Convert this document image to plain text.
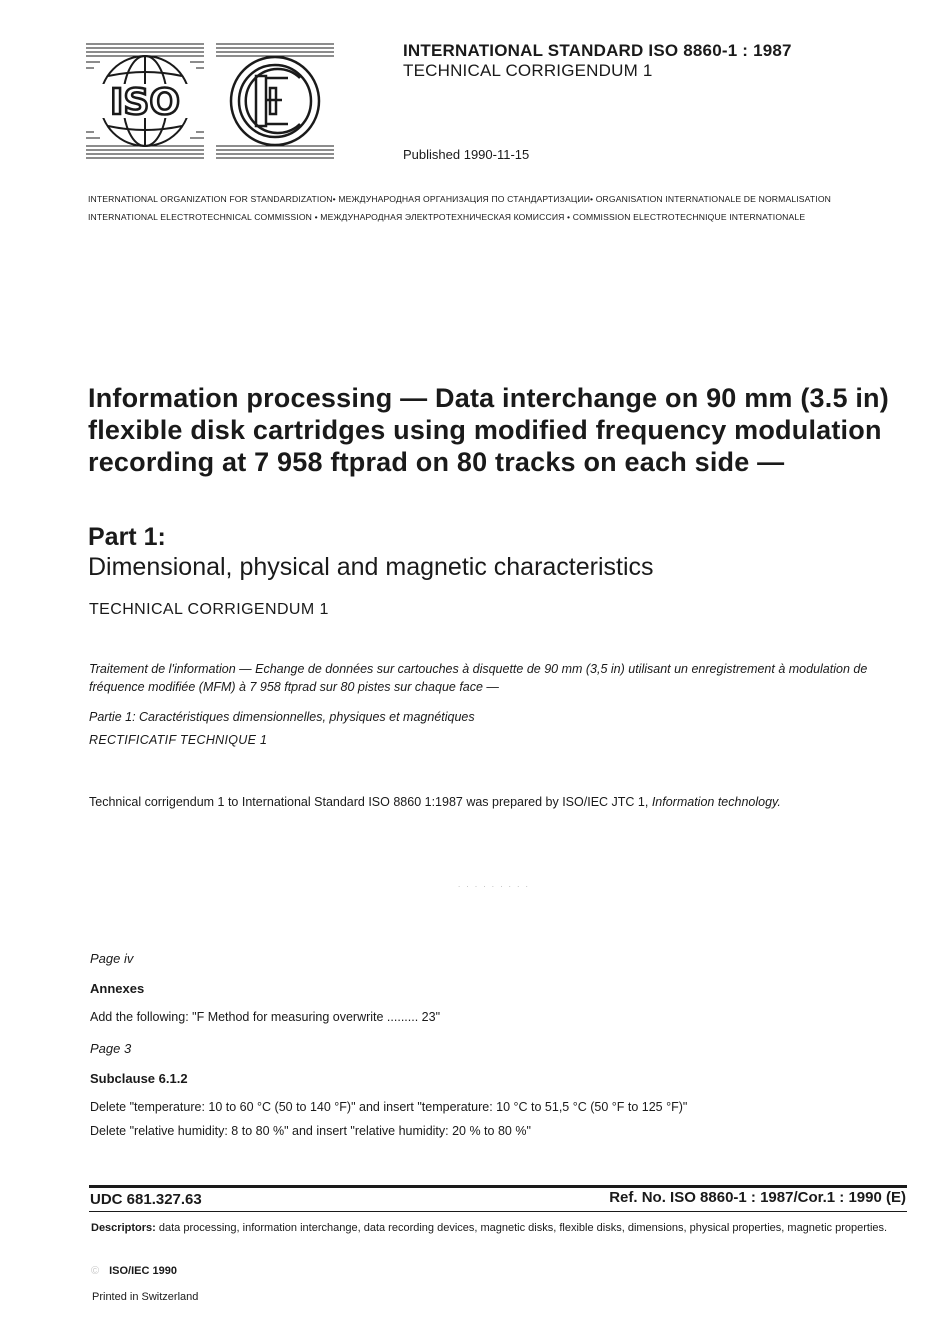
ISO
INTERNATIONAL STANDARD ISO 8860-1 : 1987
TECHNICAL CORRIGENDUM 1
Published 1990-11-15
INTERNATIONAL ORGANIZATION FOR STANDARDIZATION• МЕЖДУНАРОДНАЯ ОРГАНИЗАЦИЯ ПО СТАНДАРТИЗАЦИИ• ORGANISATION INTERNATIONALE DE NORMALISATION
INTERNATIONAL ELECTROTECHNICAL COMMISSION • МЕЖДУНАРОДНАЯ ЭЛЕКТРОТЕХНИЧЕСКАЯ КОМИССИЯ • COMMISSION ELECTROTECHNIQUE INTERNATIONALE
Information processing — Data interchange on 90 mm (3.5 in) flexible disk cartridges using modified frequency modulation recording at 7 958 ftprad on 80 tracks on each side —
Part 1:
Dimensional, physical and magnetic characteristics
TECHNICAL CORRIGENDUM 1
Traitement de l'information — Echange de données sur cartouches à disquette de 90 mm (3,5 in) utilisant un enregistrement à modulation de fréquence modifiée (MFM) à 7 958 ftprad sur 80 pistes sur chaque face —
Partie 1: Caractéristiques dimensionnelles, physiques et magnétiques
RECTIFICATIF TECHNIQUE 1
Technical corrigendum 1 to International Standard ISO 8860 1:1987 was prepared by ISO/IEC JTC 1, Information technology.
. . . . . . . . .
Page iv
Annexes
Add the following: "F Method for measuring overwrite ......... 23"
Page 3
Subclause 6.1.2
Delete "temperature: 10 to 60 °C (50 to 140 °F)" and insert "temperature: 10 °C to 51,5 °C (50 °F to 125 °F)"
Delete "relative humidity: 8 to 80 %" and insert "relative humidity: 20 % to 80 %"
UDC 681.327.63	Ref. No. ISO 8860-1 : 1987/Cor.1 : 1990 (E)
Descriptors: data processing, information interchange, data recording devices, magnetic disks, flexible disks, dimensions, physical properties, magnetic properties.
© ISO/IEC 1990
Printed in Switzerland
